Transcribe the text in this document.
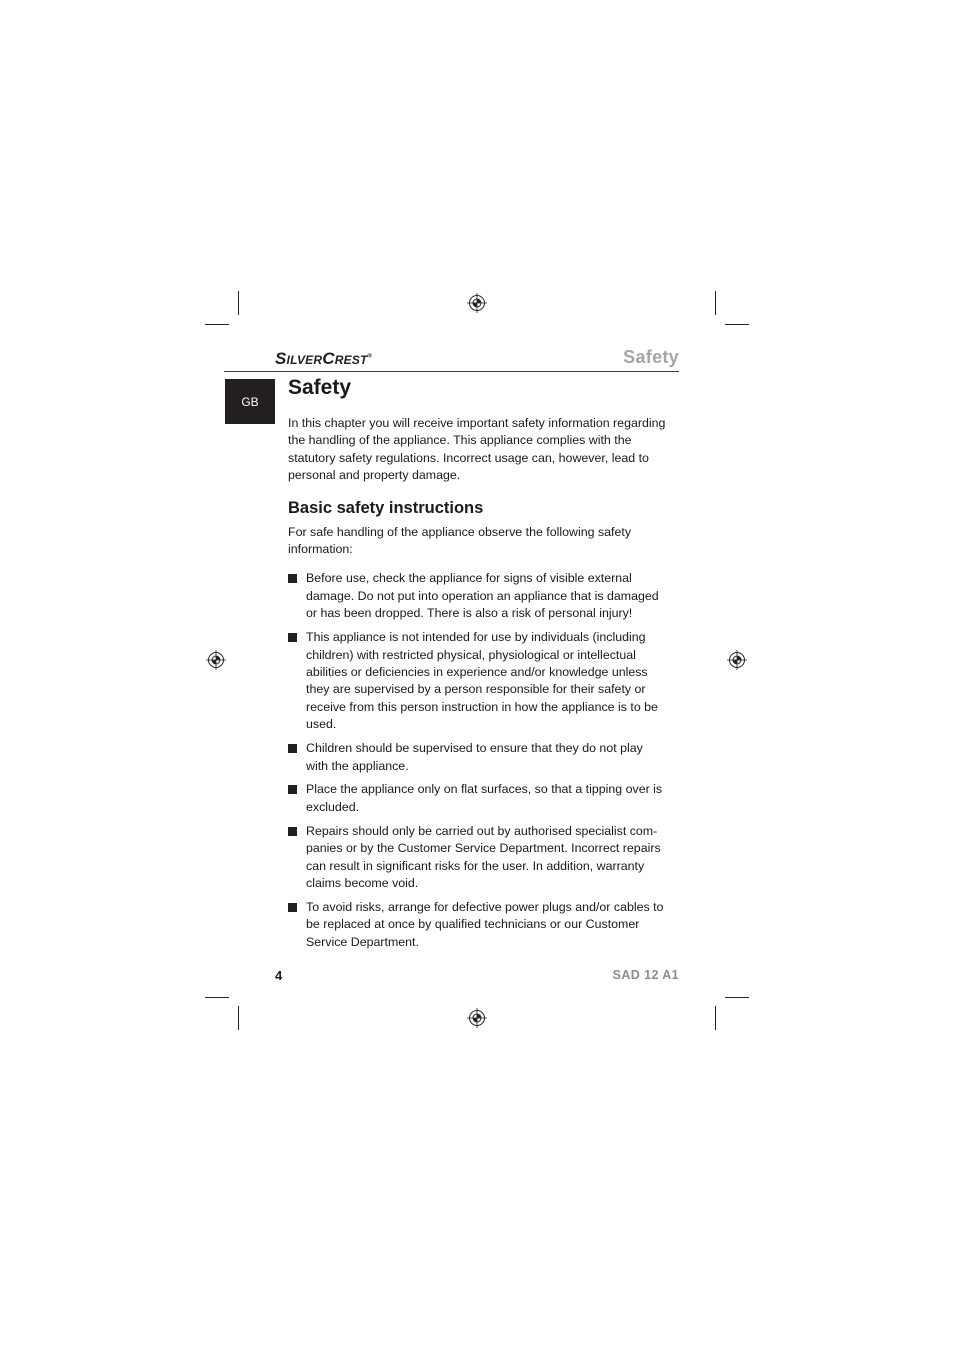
SILVERCREST®	Safety
GB
Safety

In this chapter you will receive important safety information regarding the handling of the appliance. This appliance complies with the statutory safety regulations. Incorrect usage can, however, lead to personal and property damage.

Basic safety instructions

For safe handling of the appliance observe the following safety information:

Before use, check the appliance for signs of visible external damage. Do not put into operation an appliance that is damaged or has been dropped. There is also a risk of personal injury!
This appliance is not intended for use by individuals (including children) with restricted physical, physiological or intellectual abilities or deficiencies in experience and/or knowledge unless they are supervised by a person responsible for their safety or receive from this person instruction in how the appliance is to be used.
Children should be supervised to ensure that they do not play with the appliance.
Place the appliance only on flat surfaces, so that a tipping over is excluded.
Repairs should only be carried out by authorised specialist com- panies or by the Customer Service Department. Incorrect repairs can result in significant risks for the user. In addition, warranty claims become void.
To avoid risks, arrange for defective power plugs and/or cables to be replaced at once by qualified technicians or our Customer Service Department.
4	SAD 12 A1
